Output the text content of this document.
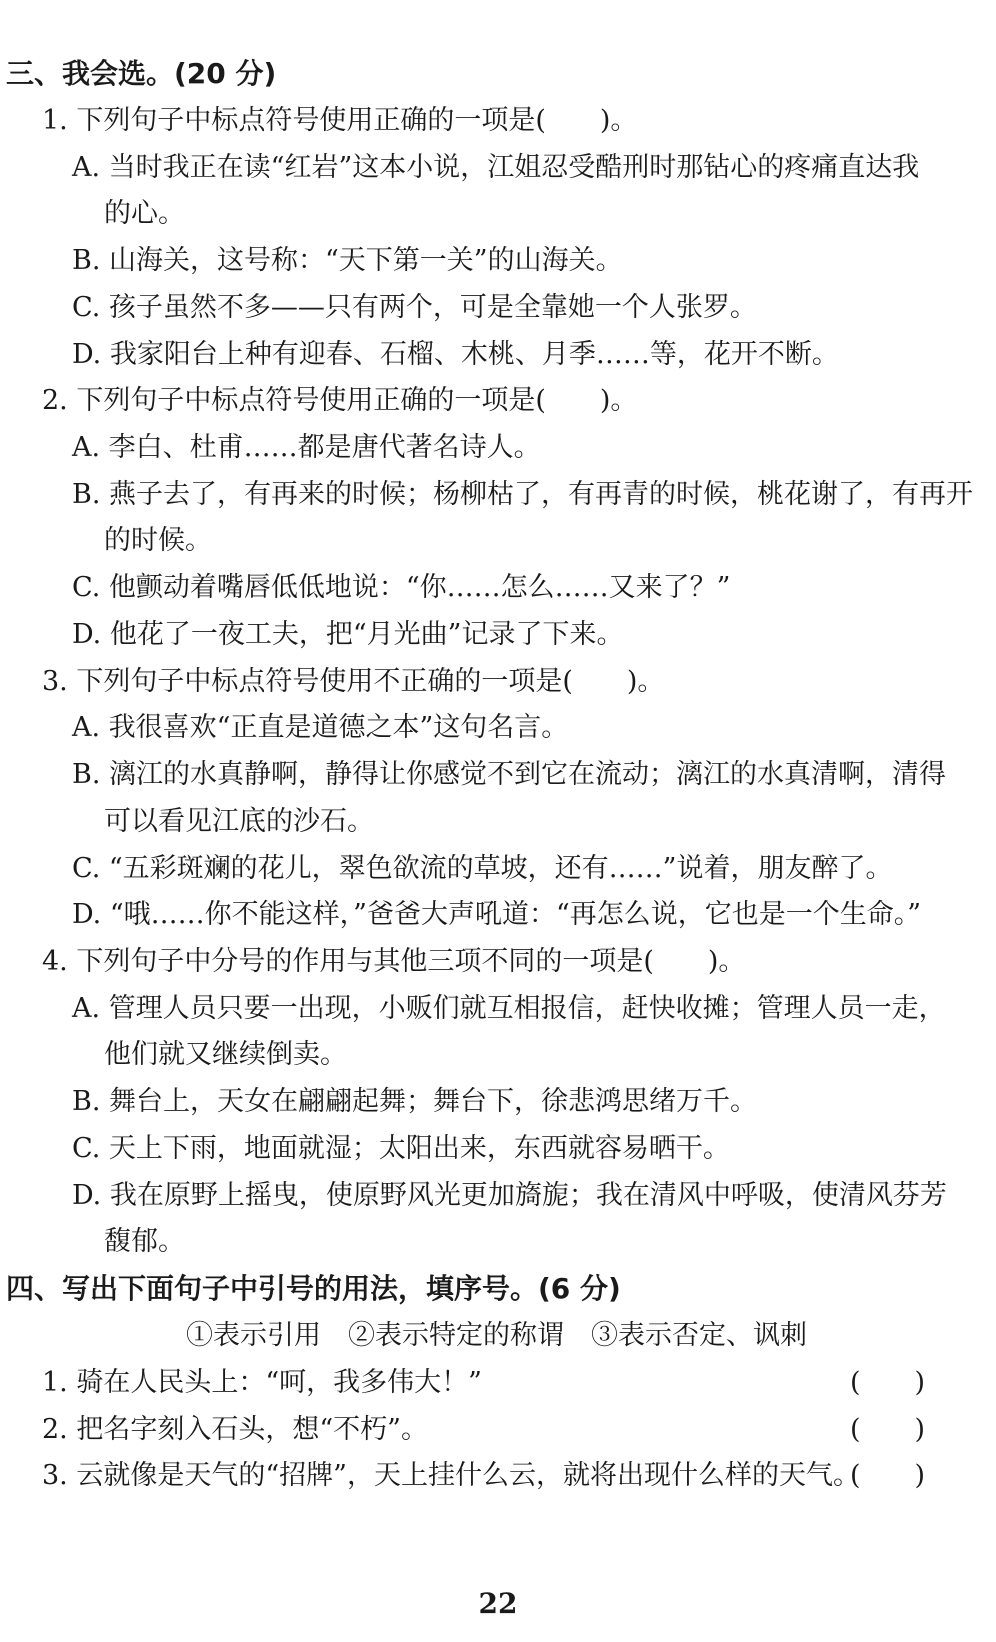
三、我会选。(20 分)
1. 下列句子中标点符号使用正确的一项是(　　)。
A. 当时我正在读“红岩”这本小说，江姐忍受酷刑时那钻心的疼痛直达我
的心。
B. 山海关，这号称：“天下第一关”的山海关。
C. 孩子虽然不多——只有两个，可是全靠她一个人张罗。
D. 我家阳台上种有迎春、石榴、木桃、月季……等，花开不断。
2. 下列句子中标点符号使用正确的一项是(　　)。
A. 李白、杜甫……都是唐代著名诗人。
B. 燕子去了，有再来的时候；杨柳枯了，有再青的时候，桃花谢了，有再开
的时候。
C. 他颤动着嘴唇低低地说：“你……怎么……又来了？”
D. 他花了一夜工夫，把“月光曲”记录了下来。
3. 下列句子中标点符号使用不正确的一项是(　　)。
A. 我很喜欢“正直是道德之本”这句名言。
B. 漓江的水真静啊，静得让你感觉不到它在流动；漓江的水真清啊，清得
可以看见江底的沙石。
C. “五彩斑斓的花儿，翠色欲流的草坡，还有……”说着，朋友醉了。
D. “哦……你不能这样，”爸爸大声吼道：“再怎么说，它也是一个生命。”
4. 下列句子中分号的作用与其他三项不同的一项是(　　)。
A. 管理人员只要一出现，小贩们就互相报信，赶快收摊；管理人员一走，
他们就又继续倒卖。
B. 舞台上，天女在翩翩起舞；舞台下，徐悲鸿思绪万千。
C. 天上下雨，地面就湿；太阳出来，东西就容易晒干。
D. 我在原野上摇曳，使原野风光更加旖旎；我在清风中呼吸，使清风芬芳
馥郁。
四、写出下面句子中引号的用法，填序号。(6 分)
①表示引用　②表示特定的称谓　③表示否定、讽刺
1. 骑在人民头上：“呵，我多伟大！”	(　　)
2. 把名字刻入石头，想“不朽”。	(　　)
3. 云就像是天气的“招牌”，天上挂什么云，就将出现什么样的天气。
(　　)
22
